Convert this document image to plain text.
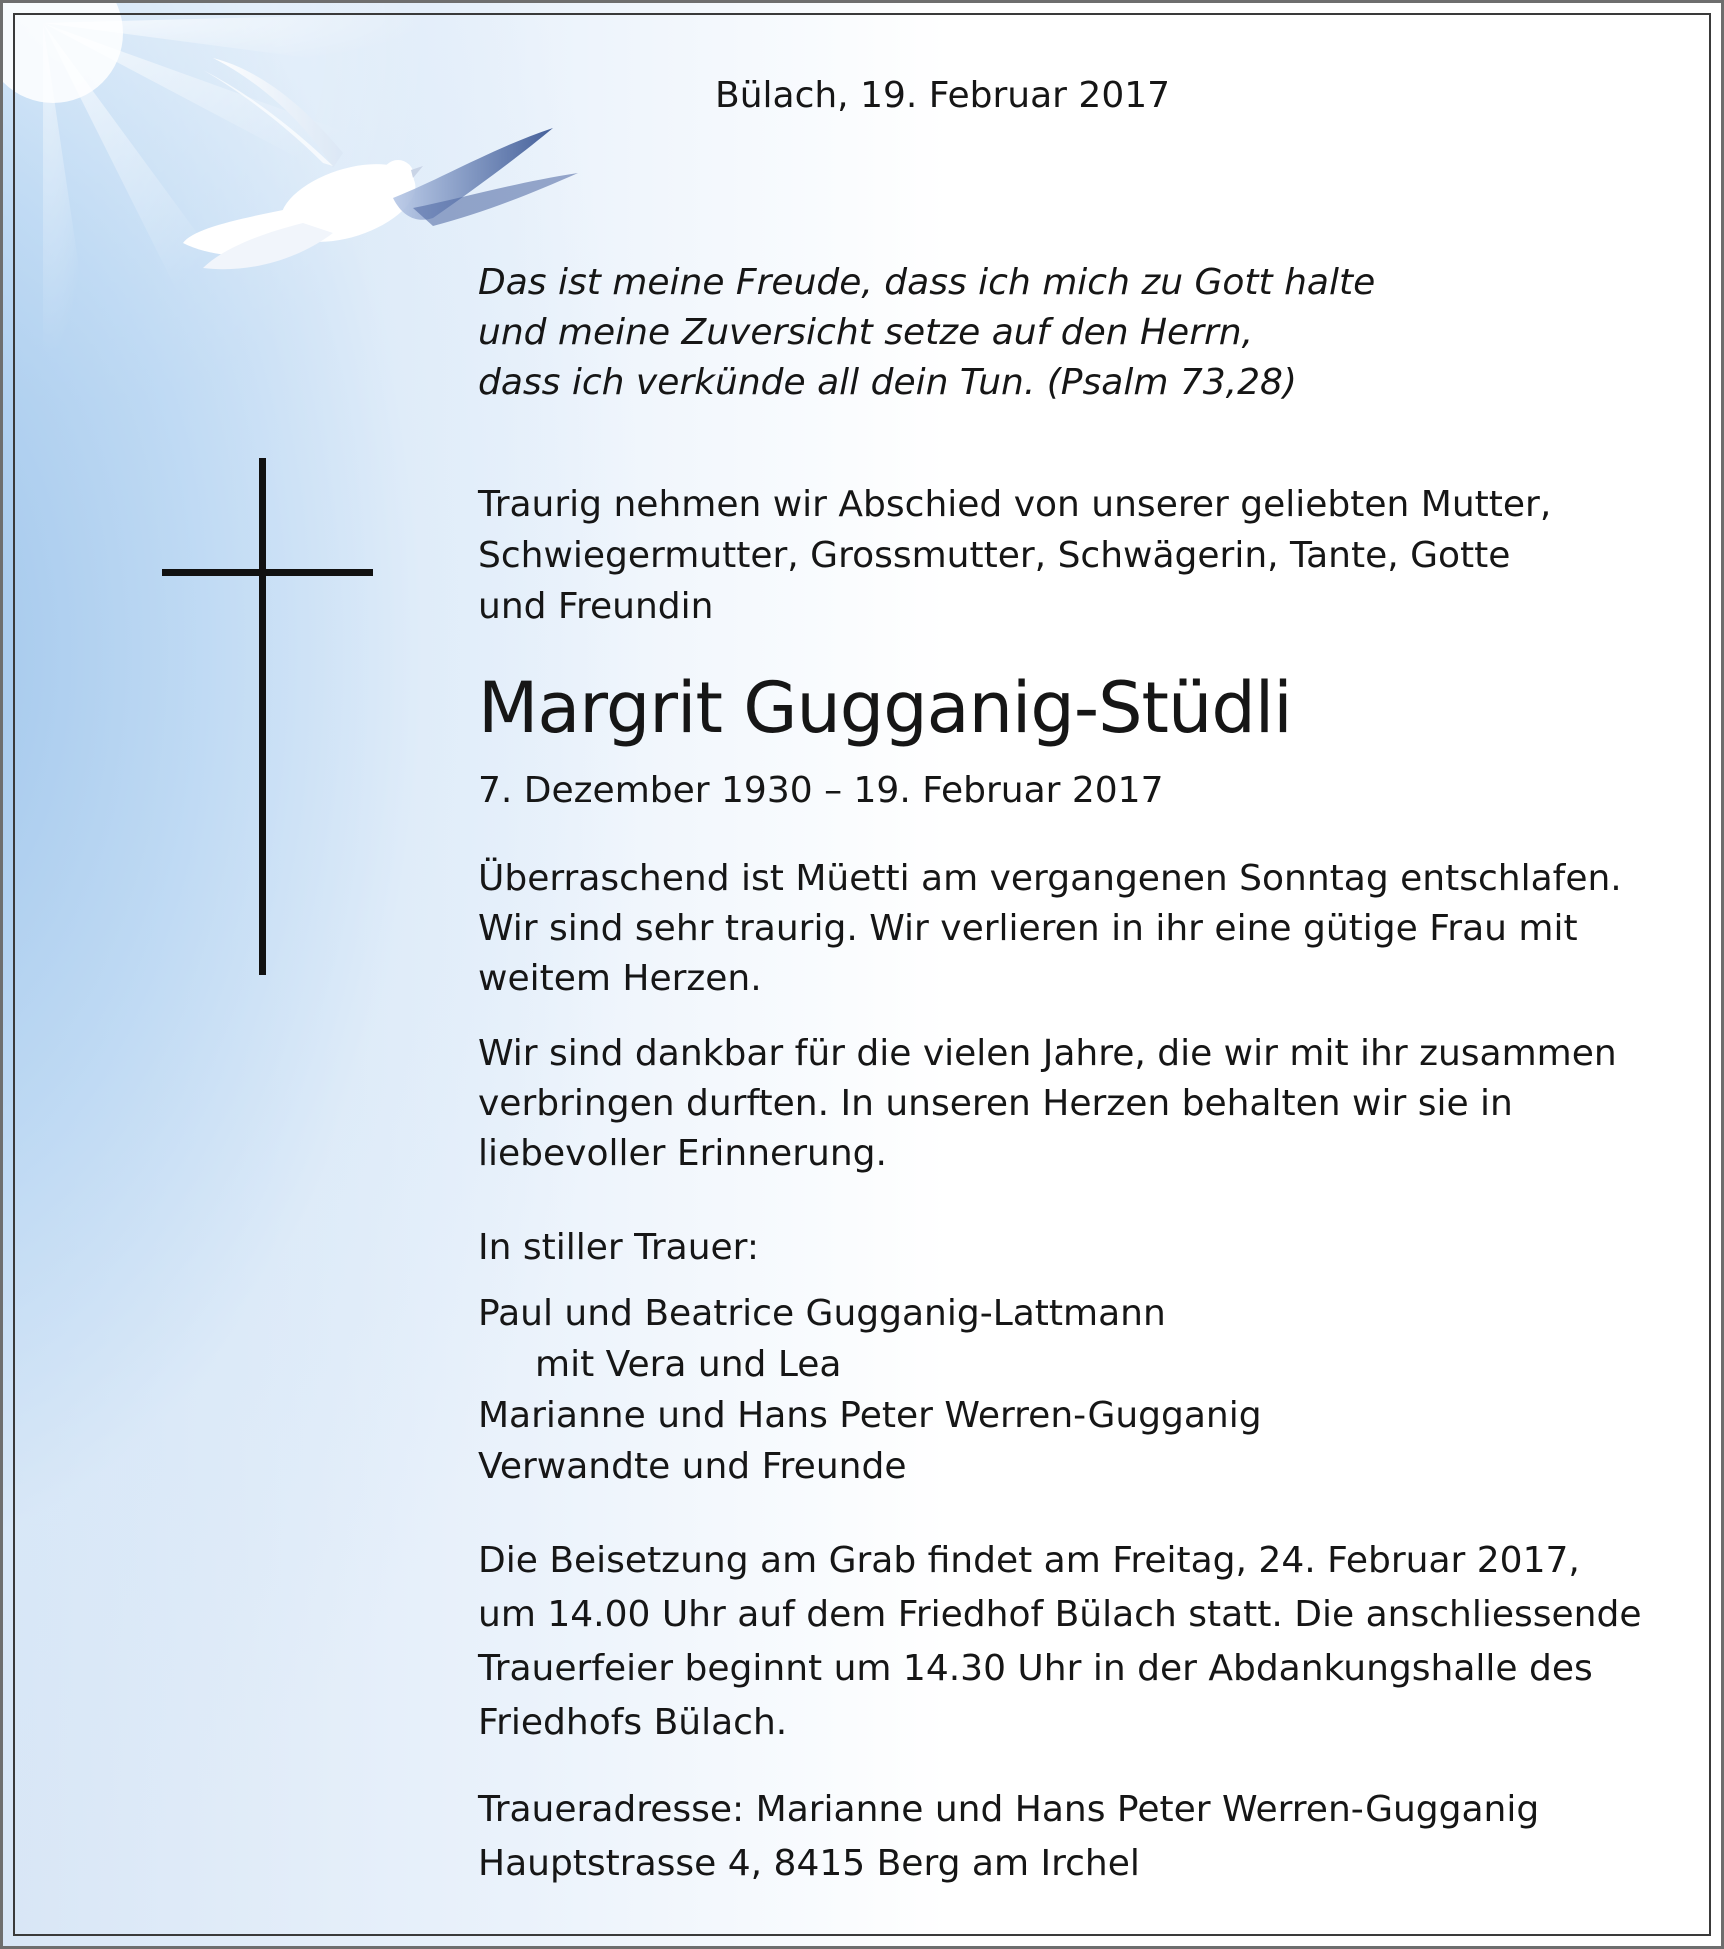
Bülach, 19. Februar 2017
Das ist meine Freude, dass ich mich zu Gott halte
und meine Zuversicht setze auf den Herrn,
dass ich verkünde all dein Tun. (Psalm 73,28)
Traurig nehmen wir Abschied von unserer geliebten Mutter,
Schwiegermutter, Grossmutter, Schwägerin, Tante, Gotte
und Freundin
Margrit Gugganig-Stüdli
7. Dezember 1930 – 19. Februar 2017
Überraschend ist Müetti am vergangenen Sonntag entschlafen.
Wir sind sehr traurig. Wir verlieren in ihr eine gütige Frau mit
weitem Herzen.
Wir sind dankbar für die vielen Jahre, die wir mit ihr zusammen
verbringen durften. In unseren Herzen behalten wir sie in
liebevoller Erinnerung.
In stiller Trauer:
Paul und Beatrice Gugganig-Lattmann
mit Vera und Lea
Marianne und Hans Peter Werren-Gugganig
Verwandte und Freunde
Die Beisetzung am Grab findet am Freitag, 24. Februar 2017,
um 14.00 Uhr auf dem Friedhof Bülach statt. Die anschliessende
Trauerfeier beginnt um 14.30 Uhr in der Abdankungshalle des
Friedhofs Bülach.
Traueradresse: Marianne und Hans Peter Werren-Gugganig
Hauptstrasse 4, 8415 Berg am Irchel
